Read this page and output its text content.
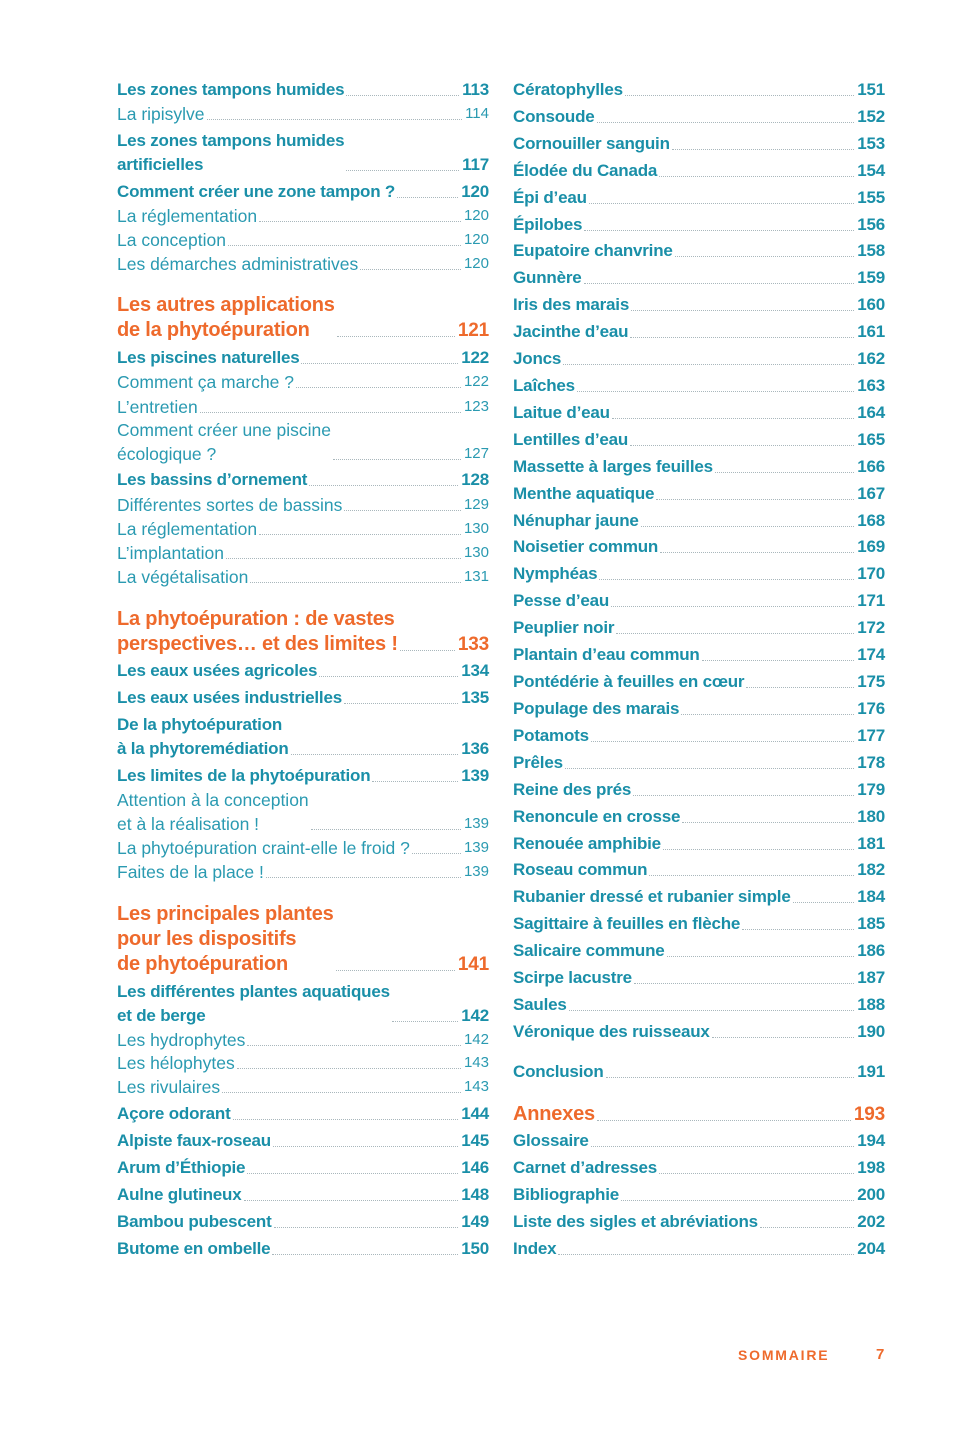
Les zones tampons humides	113
La ripisylve	114
Les zones tampons humides
artificielles	117
Comment créer une zone tampon ?	120
La réglementation	120
La conception	120
Les démarches administratives	120
Les autres applications
de la phytoépuration	121
Les piscines naturelles	122
Comment ça marche ?	122
L’entretien	123
Comment créer une piscine
écologique ?	127
Les bassins d’ornement	128
Différentes sortes de bassins	129
La réglementation	130
L’implantation	130
La végétalisation	131
La phytoépuration : de vastes
perspectives… et des limites !	133
Les eaux usées agricoles	134
Les eaux usées industrielles	135
De la phytoépuration
à la phytoremédiation	136
Les limites de la phytoépuration	139
Attention à la conception
et à la réalisation !	139
La phytoépuration craint-elle le froid ?	139
Faites de la place !	139
Les principales plantes
pour les dispositifs
de phytoépuration	141
Les différentes plantes aquatiques
et de berge	142
Les hydrophytes	142
Les hélophytes	143
Les rivulaires	143
Açore odorant	144
Alpiste faux-roseau	145
Arum d’Éthiopie	146
Aulne glutineux	148
Bambou pubescent	149
Butome en ombelle	150
Cératophylles	151
Consoude	152
Cornouiller sanguin	153
Élodée du Canada	154
Épi d’eau	155
Épilobes	156
Eupatoire chanvrine	158
Gunnère	159
Iris des marais	160
Jacinthe d’eau	161
Joncs	162
Laîches	163
Laitue d’eau	164
Lentilles d’eau	165
Massette à larges feuilles	166
Menthe aquatique	167
Nénuphar jaune	168
Noisetier commun	169
Nymphéas	170
Pesse d’eau	171
Peuplier noir	172
Plantain d’eau commun	174
Pontédérie à feuilles en cœur	175
Populage des marais	176
Potamots	177
Prêles	178
Reine des prés	179
Renoncule en crosse	180
Renouée amphibie	181
Roseau commun	182
Rubanier dressé et rubanier simple	184
Sagittaire à feuilles en flèche	185
Salicaire commune	186
Scirpe lacustre	187
Saules	188
Véronique des ruisseaux	190
Conclusion	191
Annexes	193
Glossaire	194
Carnet d’adresses	198
Bibliographie	200
Liste des sigles et abréviations	202
Index	204
SOMMAIRE	7
